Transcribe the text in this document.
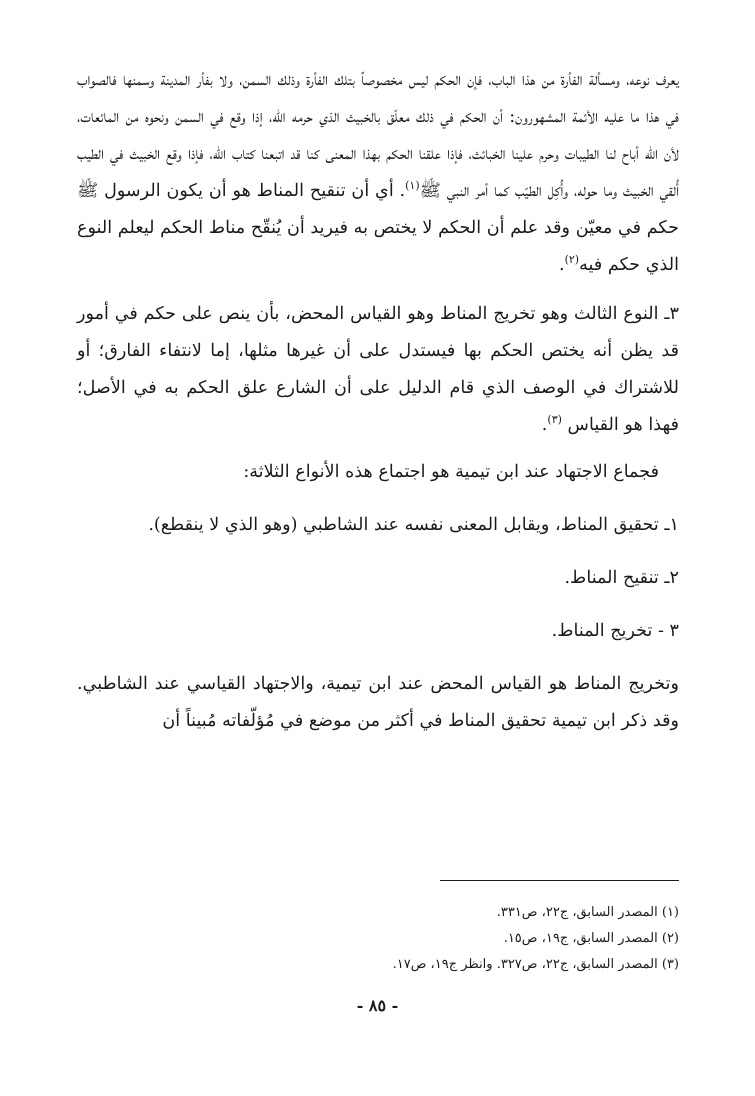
يعرف نوعه، ومسألة الفأرة من هذا الباب، فإن الحكم ليس مخصوصاً بتلك الفأرة وذلك السمن، ولا بفأر المدينة وسمنها فالصواب في هذا ما عليه الأئمة المشهورون: أن الحكم في ذلك معلّق بالخبيث الذي حرمه الله، إذا وقع في السمن ونحوه من المائعات، لأن الله أباح لنا الطيبات وحرم علينا الخبائث، فإذا علقنا الحكم بهذا المعنى كنا قد اتبعنا كتاب الله، فإذا وقع الخبيث في الطيب أُلقي الخبيث وما حوله، وأُكِل الطيّب كما أمر النبي ﷺ$^{(١)}$. أي أن تنقيح المناط هو أن يكون الرسول ﷺ حكم في معيّن وقد علم أن الحكم لا يختص به فيريد أن يُنقّح مناط الحكم ليعلم النوع الذي حكم فيه$^{(٢)}$.

٣ـ النوع الثالث وهو تخريج المناط وهو القياس المحض، بأن ينص على حكم في أمور قد يظن أنه يختص الحكم بها فيستدل على أن غيرها مثلها، إما لانتفاء الفارق؛ أو للاشتراك في الوصف الذي قام الدليل على أن الشارع علق الحكم به في الأصل؛ فهذا هو القياس $^{(٣)}$.

فجماع الاجتهاد عند ابن تيمية هو اجتماع هذه الأنواع الثلاثة:

١ـ تحقيق المناط، ويقابل المعنى نفسه عند الشاطبي (وهو الذي لا ينقطع).

٢ـ تنقيح المناط.

٣ - تخريج المناط.

وتخريج المناط هو القياس المحض عند ابن تيمية، والاجتهاد القياسي عند الشاطبي. وقد ذكر ابن تيمية تحقيق المناط في أكثر من موضع في مُؤلّفاته مُبيناً أن

(١) المصدر السابق، ج٢٢، ص٣٣١.

(٢) المصدر السابق، ج١٩، ص١٥.

(٣) المصدر السابق، ج٢٢، ص٣٢٧. وانظر ج١٩، ص١٧.

- ٨٥ -
